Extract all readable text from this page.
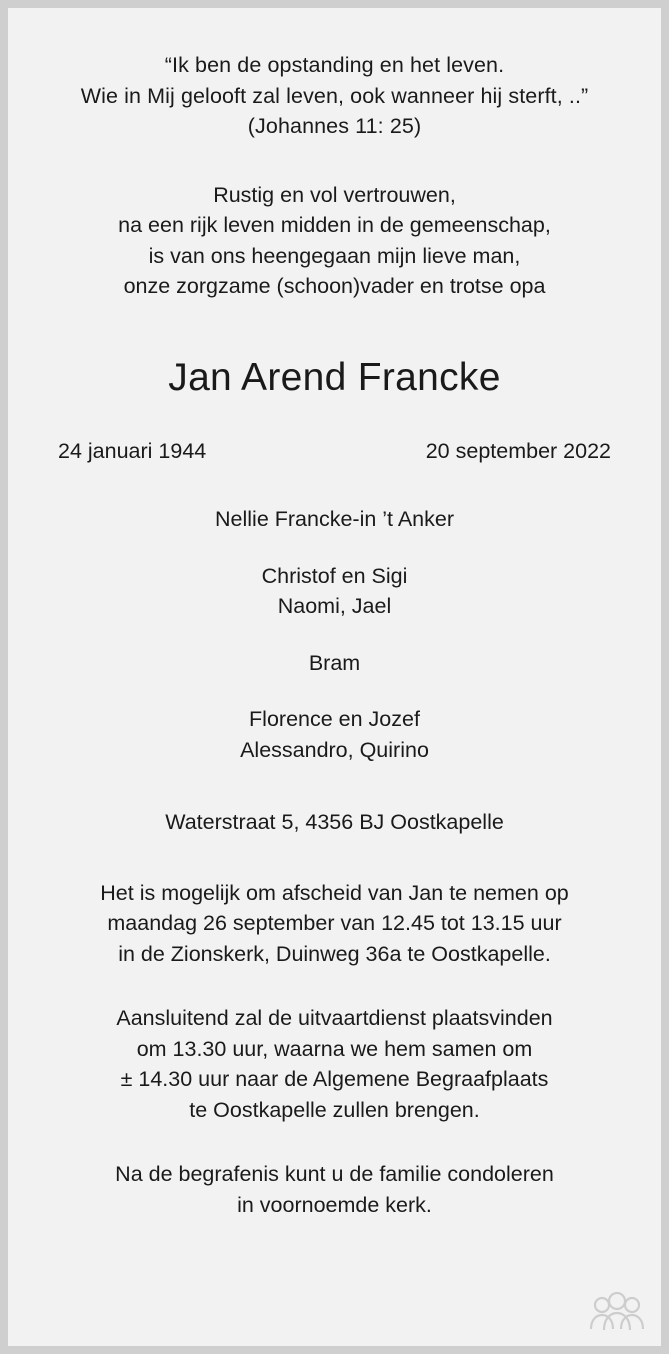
“Ik ben de opstanding en het leven.
Wie in Mij gelooft zal leven, ook wanneer hij sterft, ..”
(Johannes 11: 25)
Rustig en vol vertrouwen,
na een rijk leven midden in de gemeenschap,
is van ons heengegaan mijn lieve man,
onze zorgzame (schoon)vader en trotse opa
Jan Arend Francke
24 januari 1944	20 september 2022
Nellie Francke-in ’t Anker
Christof en Sigi
Naomi, Jael
Bram
Florence en Jozef
Alessandro, Quirino
Waterstraat 5, 4356 BJ Oostkapelle
Het is mogelijk om afscheid van Jan te nemen op
maandag 26 september van 12.45 tot 13.15 uur
in de Zionskerk, Duinweg 36a te Oostkapelle.
Aansluitend zal de uitvaartdienst plaatsvinden
om 13.30 uur, waarna we hem samen om
± 14.30 uur naar de Algemene Begraafplaats
te Oostkapelle zullen brengen.
Na de begrafenis kunt u de familie condoleren
in voornoemde kerk.
